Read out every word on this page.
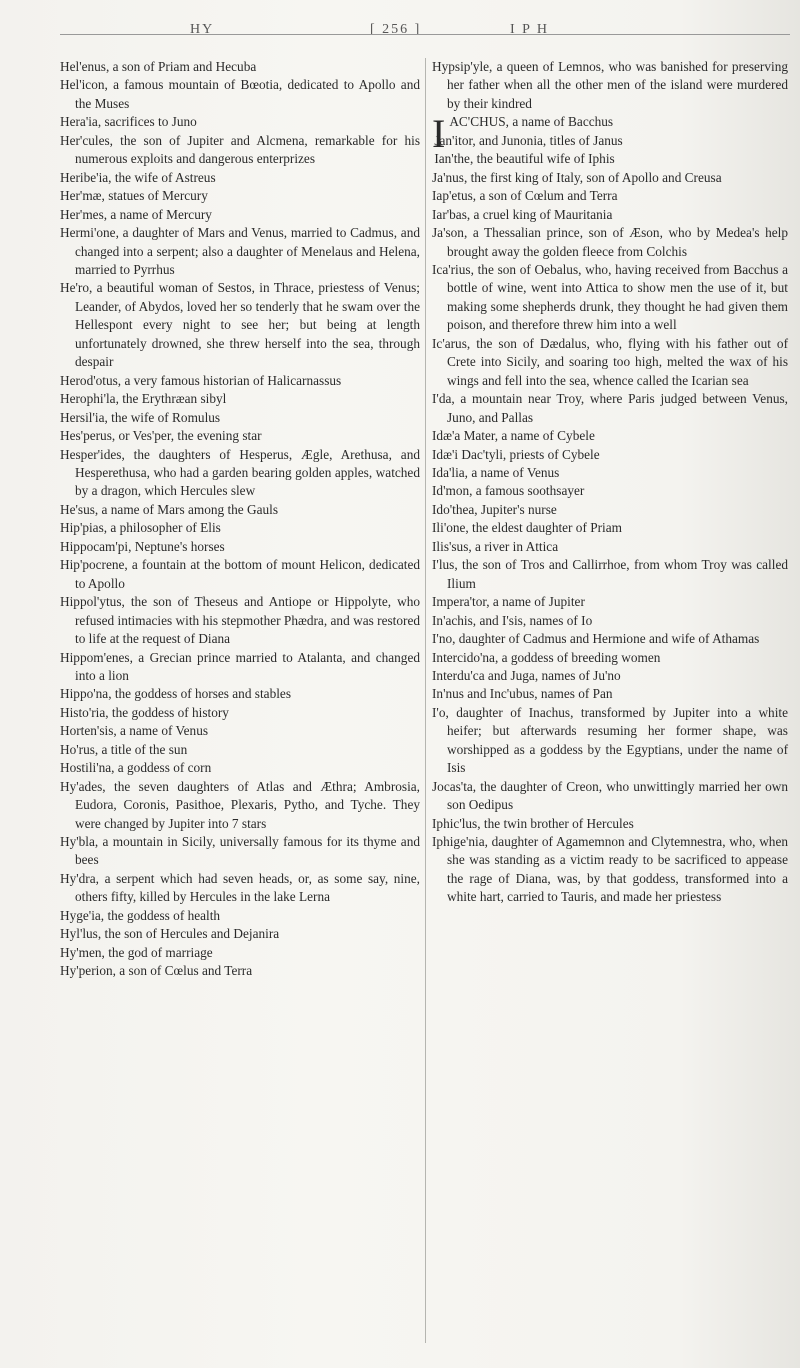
HY	[ 256 ]	I P H
Hel'enus, a son of Priam and Hecuba
Hel'icon, a famous mountain of Bœotia, dedicated to Apollo and the Muses
Hera'ia, sacrifices to Juno
Her'cules, the son of Jupiter and Alcmena, remarkable for his numerous exploits and dangerous enterprizes
Heribe'ia, the wife of Astreus
Her'mæ, statues of Mercury
Her'mes, a name of Mercury
Hermi'one, a daughter of Mars and Venus, married to Cadmus, and changed into a serpent; also a daughter of Menelaus and Helena, married to Pyrrhus
He'ro, a beautiful woman of Sestos, in Thrace, priestess of Venus; Leander, of Abydos, loved her so tenderly that he swam over the Hellespont every night to see her; but being at length unfortunately drowned, she threw herself into the sea, through despair
Herod'otus, a very famous historian of Halicarnassus
Herophi'la, the Erythræan sibyl
Hersil'ia, the wife of Romulus
Hes'perus, or Ves'per, the evening star
Hesper'ides, the daughters of Hesperus, Ægle, Arethusa, and Hesperethusa, who had a garden bearing golden apples, watched by a dragon, which Hercules slew
He'sus, a name of Mars among the Gauls
Hip'pias, a philosopher of Elis
Hippocam'pi, Neptune's horses
Hip'pocrene, a fountain at the bottom of mount Helicon, dedicated to Apollo
Hippol'ytus, the son of Theseus and Antiope or Hippolyte, who refused intimacies with his stepmother Phædra, and was restored to life at the request of Diana
Hippom'enes, a Grecian prince married to Atalanta, and changed into a lion
Hippo'na, the goddess of horses and stables
Histo'ria, the goddess of history
Horten'sis, a name of Venus
Ho'rus, a title of the sun
Hostili'na, a goddess of corn
Hy'ades, the seven daughters of Atlas and Æthra; Ambrosia, Eudora, Coronis, Pasithoe, Plexaris, Pytho, and Tyche. They were changed by Jupiter into 7 stars
Hy'bla, a mountain in Sicily, universally famous for its thyme and bees
Hy'dra, a serpent which had seven heads, or, as some say, nine, others fifty, killed by Hercules in the lake Lerna
Hyge'ia, the goddess of health
Hyl'lus, the son of Hercules and Dejanira
Hy'men, the god of marriage
Hy'perion, a son of Cœlus and Terra
Hypsip'yle, a queen of Lemnos, who was banished for preserving her father when all the other men of the island were murdered by their kindred
IAC'CHUS, a name of Bacchus
Jan'itor, and Junonia, titles of Janus
Ian'the, the beautiful wife of Iphis
Ja'nus, the first king of Italy, son of Apollo and Creusa
Iap'etus, a son of Cœlum and Terra
Iar'bas, a cruel king of Mauritania
Ja'son, a Thessalian prince, son of Æson, who by Medea's help brought away the golden fleece from Colchis
Ica'rius, the son of Oebalus, who, having received from Bacchus a bottle of wine, went into Attica to show men the use of it, but making some shepherds drunk, they thought he had given them poison, and therefore threw him into a well
Ic'arus, the son of Dædalus, who, flying with his father out of Crete into Sicily, and soaring too high, melted the wax of his wings and fell into the sea, whence called the Icarian sea
I'da, a mountain near Troy, where Paris judged between Venus, Juno, and Pallas
Idæ'a Mater, a name of Cybele
Idæ'i Dac'tyli, priests of Cybele
Ida'lia, a name of Venus
Id'mon, a famous soothsayer
Ido'thea, Jupiter's nurse
Ili'one, the eldest daughter of Priam
Ilis'sus, a river in Attica
I'lus, the son of Tros and Callirrhoe, from whom Troy was called Ilium
Impera'tor, a name of Jupiter
In'achis, and I'sis, names of Io
I'no, daughter of Cadmus and Hermione and wife of Athamas
Intercido'na, a goddess of breeding women
Interdu'ca and Juga, names of Ju'no
In'nus and Inc'ubus, names of Pan
I'o, daughter of Inachus, transformed by Jupiter into a white heifer; but afterwards resuming her former shape, was worshipped as a goddess by the Egyptians, under the name of Isis
Jocas'ta, the daughter of Creon, who unwittingly married her own son Oedipus
Iphic'lus, the twin brother of Hercules
Iphige'nia, daughter of Agamemnon and Clytemnestra, who, when she was standing as a victim ready to be sacrificed to appease the rage of Diana, was, by that goddess, transformed into a white hart, carried to Tauris, and made her priestess
